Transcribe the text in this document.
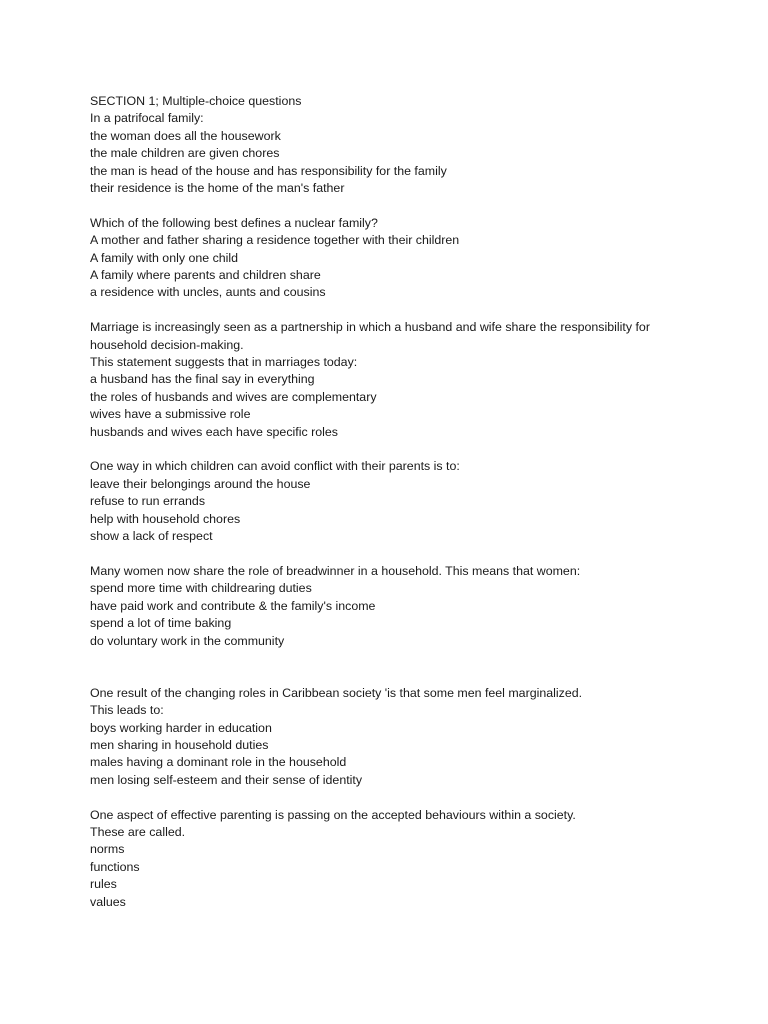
SECTION 1; Multiple-choice questions
In a patrifocal family:
the woman does all the housework
the male children are given chores
the man is head of the house and has responsibility for the family
their residence is the home of the man's father
Which of the following best defines a nuclear family?
A mother and father sharing a residence together with their children
A family with only one child
A family where parents and children share
a residence with uncles, aunts and cousins
Marriage is increasingly seen as a partnership in which a husband and wife share the responsibility for
household decision-making.
This statement suggests that in marriages today:
a husband has the final say in everything
the roles of husbands and wives are complementary
wives have a submissive role
husbands and wives each have specific roles
One way in which children can avoid conflict with their parents is to:
leave their belongings around the house
refuse to run errands
help with household chores
show a lack of respect
Many women now share the role of breadwinner in a household. This means that women:
spend more time with childrearing duties
have paid work and contribute & the family's income
spend a lot of time baking
do voluntary work in the community
One result of the changing roles in Caribbean society 'is that some men feel marginalized.
This leads to:
boys working harder in education
men sharing in household duties
males having a dominant role in the household
men losing self-esteem and their sense of identity
One aspect of effective parenting is passing on the accepted behaviours within a society.
These are called.
norms
functions
rules
values
